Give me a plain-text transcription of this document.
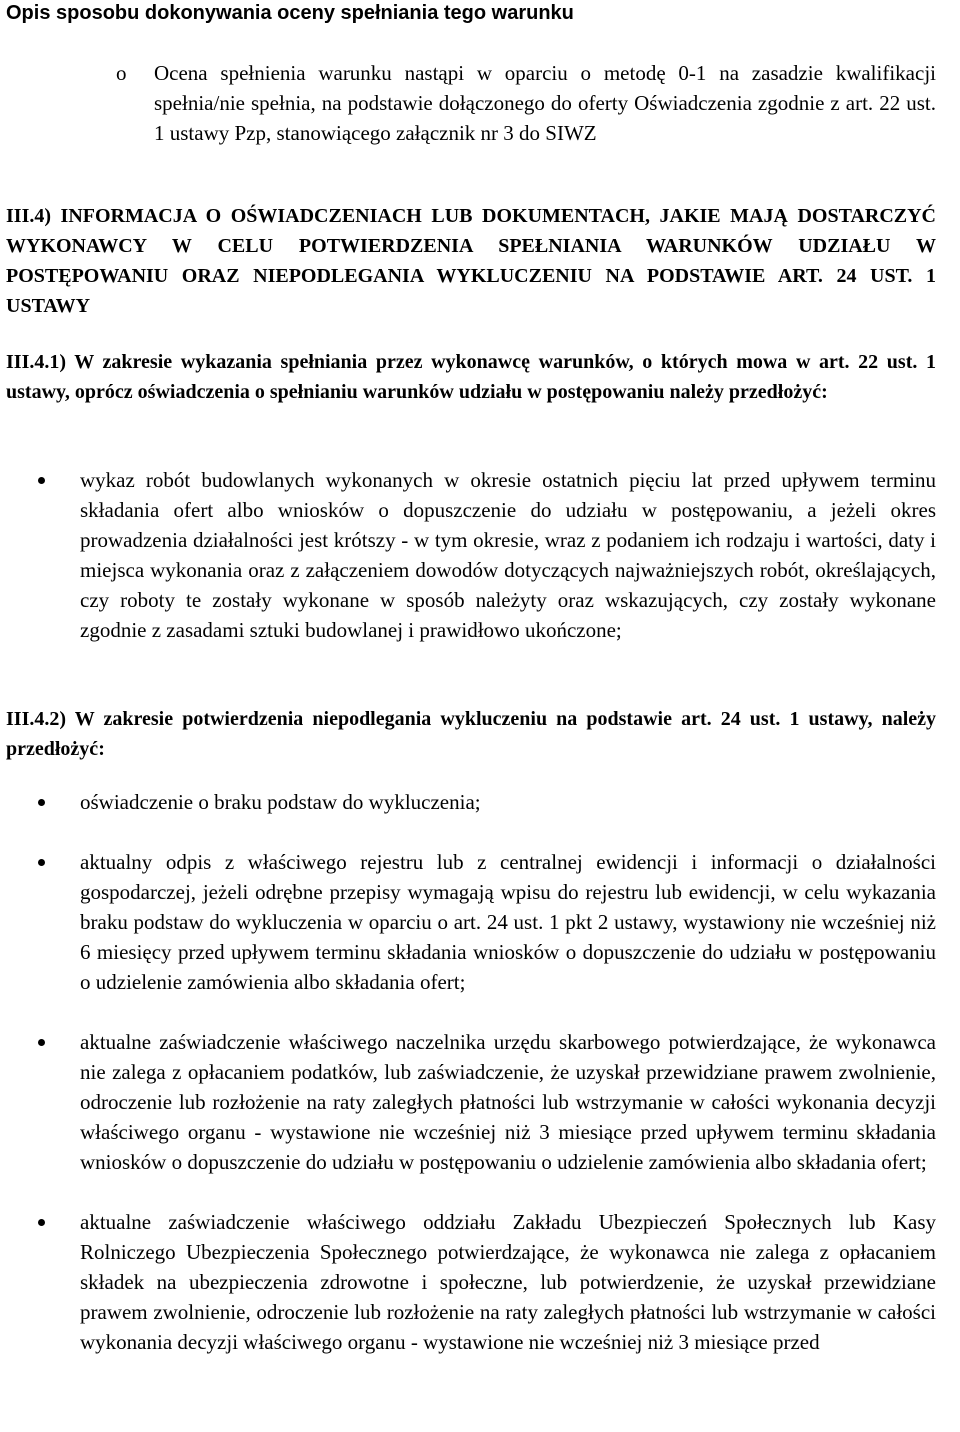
Opis sposobu dokonywania oceny spełniania tego warunku
o Ocena spełnienia warunku nastąpi w oparciu o metodę 0-1 na zasadzie kwalifikacji spełnia/nie spełnia, na podstawie dołączonego do oferty Oświadczenia zgodnie z art. 22 ust. 1 ustawy Pzp, stanowiącego załącznik nr 3 do SIWZ
III.4) INFORMACJA O OŚWIADCZENIACH LUB DOKUMENTACH, JAKIE MAJĄ DOSTARCZYĆ WYKONAWCY W CELU POTWIERDZENIA SPEŁNIANIA WARUNKÓW UDZIAŁU W POSTĘPOWANIU ORAZ NIEPODLEGANIA WYKLUCZENIU NA PODSTAWIE ART. 24 UST. 1 USTAWY
III.4.1) W zakresie wykazania spełniania przez wykonawcę warunków, o których mowa w art. 22 ust. 1 ustawy, oprócz oświadczenia o spełnianiu warunków udziału w postępowaniu należy przedłożyć:
wykaz robót budowlanych wykonanych w okresie ostatnich pięciu lat przed upływem terminu składania ofert albo wniosków o dopuszczenie do udziału w postępowaniu, a jeżeli okres prowadzenia działalności jest krótszy - w tym okresie, wraz z podaniem ich rodzaju i wartości, daty i miejsca wykonania oraz z załączeniem dowodów dotyczących najważniejszych robót, określających, czy roboty te zostały wykonane w sposób należyty oraz wskazujących, czy zostały wykonane zgodnie z zasadami sztuki budowlanej i prawidłowo ukończone;
III.4.2) W zakresie potwierdzenia niepodlegania wykluczeniu na podstawie art. 24 ust. 1 ustawy, należy przedłożyć:
oświadczenie o braku podstaw do wykluczenia;
aktualny odpis z właściwego rejestru lub z centralnej ewidencji i informacji o działalności gospodarczej, jeżeli odrębne przepisy wymagają wpisu do rejestru lub ewidencji, w celu wykazania braku podstaw do wykluczenia w oparciu o art. 24 ust. 1 pkt 2 ustawy, wystawiony nie wcześniej niż 6 miesięcy przed upływem terminu składania wniosków o dopuszczenie do udziału w postępowaniu o udzielenie zamówienia albo składania ofert;
aktualne zaświadczenie właściwego naczelnika urzędu skarbowego potwierdzające, że wykonawca nie zalega z opłacaniem podatków, lub zaświadczenie, że uzyskał przewidziane prawem zwolnienie, odroczenie lub rozłożenie na raty zaległych płatności lub wstrzymanie w całości wykonania decyzji właściwego organu - wystawione nie wcześniej niż 3 miesiące przed upływem terminu składania wniosków o dopuszczenie do udziału w postępowaniu o udzielenie zamówienia albo składania ofert;
aktualne zaświadczenie właściwego oddziału Zakładu Ubezpieczeń Społecznych lub Kasy Rolniczego Ubezpieczenia Społecznego potwierdzające, że wykonawca nie zalega z opłacaniem składek na ubezpieczenia zdrowotne i społeczne, lub potwierdzenie, że uzyskał przewidziane prawem zwolnienie, odroczenie lub rozłożenie na raty zaległych płatności lub wstrzymanie w całości wykonania decyzji właściwego organu - wystawione nie wcześniej niż 3 miesiące przed
